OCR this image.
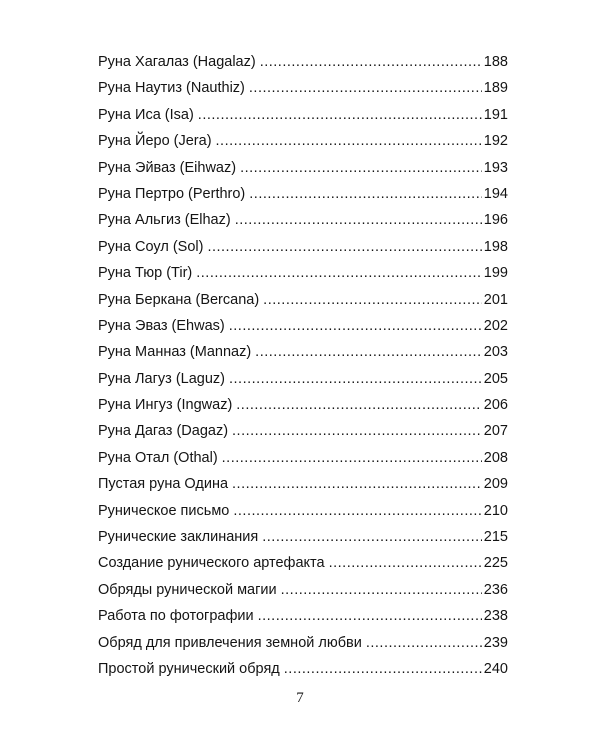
Руна Хагалаз (Hagalaz) .....	188
Руна Наутиз (Nauthiz) .....	189
Руна Иса (Isa) .....	191
Руна Йеро (Jera) .....	192
Руна Эйваз (Eihwaz) .....	193
Руна Пертро (Perthro) .....	194
Руна Альгиз (Elhaz) .....	196
Руна Соул (Sol) .....	198
Руна Тюр (Tir) .....	199
Руна Беркана (Bercana) .....	201
Руна Эваз (Ehwas) .....	202
Руна Манназ (Mannaz) .....	203
Руна Лагуз (Laguz) .....	205
Руна Ингуз (Ingwaz) .....	206
Руна Дагаз (Dagaz) .....	207
Руна Отал (Othal) .....	208
Пустая руна Одина .....	209
Руническое письмо .....	210
Рунические заклинания .....	215
Создание рунического артефакта .....	225
Обряды рунической магии .....	236
Работа по фотографии .....	238
Обряд для привлечения земной любви .....	239
Простой рунический обряд .....	240
7
